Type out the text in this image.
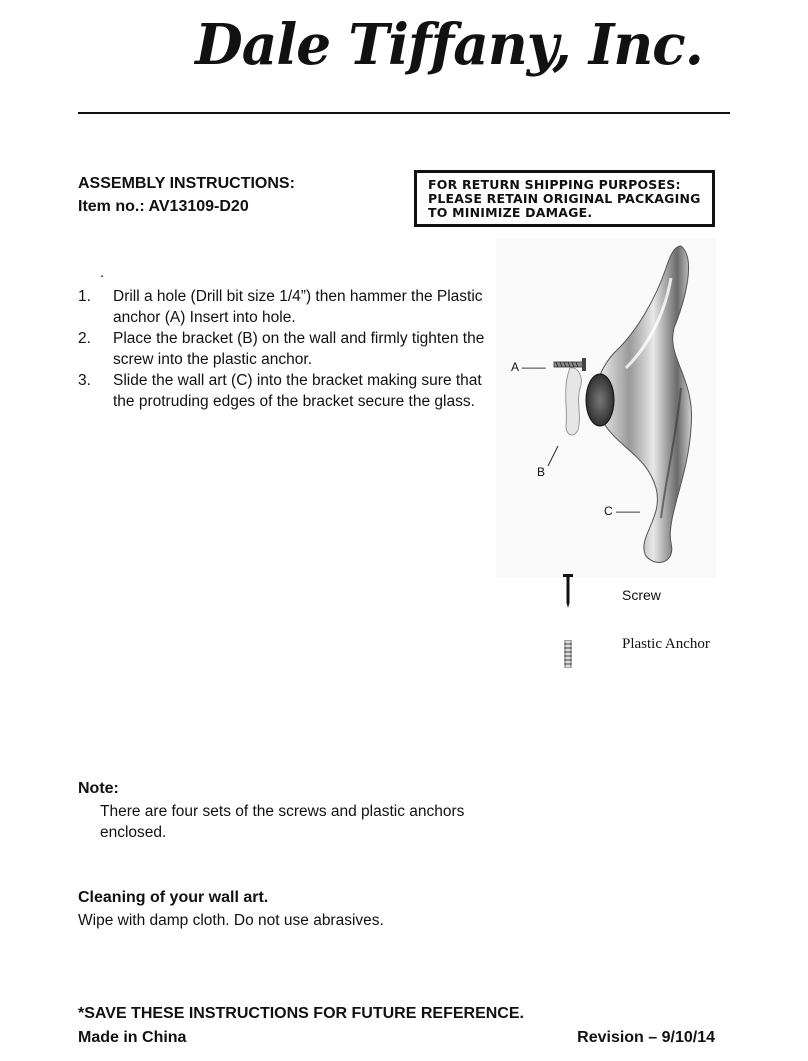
Dale Tiffany, Inc.
ASSEMBLY INSTRUCTIONS:
Item no.: AV13109-D20
FOR RETURN SHIPPING PURPOSES:
PLEASE RETAIN ORIGINAL PACKAGING
TO MINIMIZE DAMAGE.
.
1. Drill a hole (Drill bit size 1/4”) then hammer the Plastic anchor (A) Insert into hole.
2. Place the bracket (B) on the wall and firmly tighten the screw into the plastic anchor.
3. Slide the wall art (C) into the bracket making sure that the protruding edges of the bracket secure the glass.
A ——
B
C ——
Screw
Plastic Anchor
Note:
There are four sets of the screws and plastic anchors enclosed.
Cleaning of your wall art.
Wipe with damp cloth. Do not use abrasives.
*SAVE THESE INSTRUCTIONS FOR FUTURE REFERENCE.
Made in China	Revision – 9/10/14
